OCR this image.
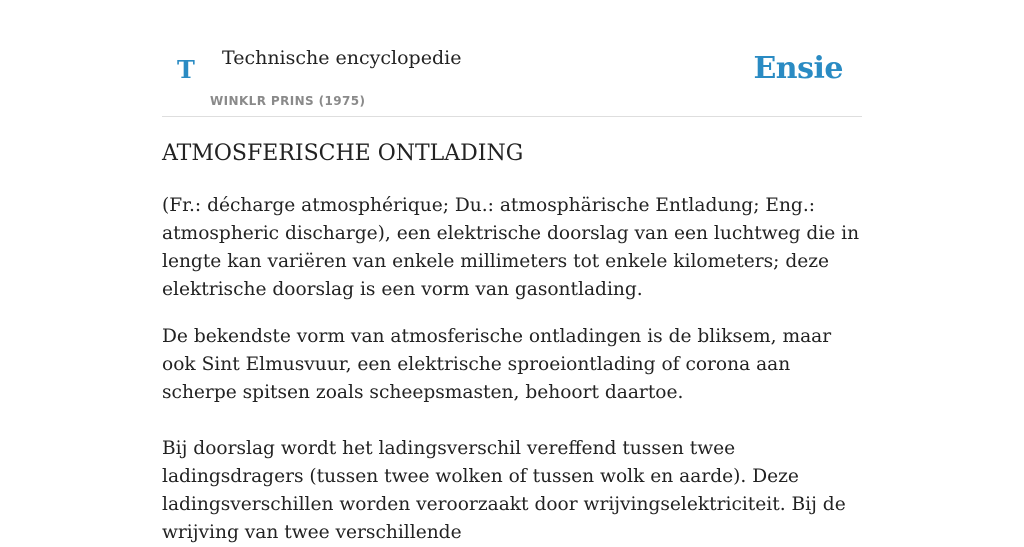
T Technische encyclopedie
WINKLR PRINS (1975)
Ensie
ATMOSFERISCHE ONTLADING

(Fr.: décharge atmosphérique; Du.: atmosphärische Entladung; Eng.: atmospheric discharge), een elektrische doorslag van een luchtweg die in lengte kan variëren van enkele millimeters tot enkele kilometers; deze elektrische doorslag is een vorm van gasontlading.

De bekendste vorm van atmosferische ontladingen is de bliksem, maar ook Sint Elmusvuur, een elektrische sproeiontlading of corona aan scherpe spitsen zoals scheepsmasten, behoort daartoe.

Bij doorslag wordt het ladingsverschil vereffend tussen twee ladingsdragers (tussen twee wolken of tussen wolk en aarde). Deze ladingsverschillen worden veroorzaakt door wrijvingselektriciteit. Bij de wrijving van twee verschillende
